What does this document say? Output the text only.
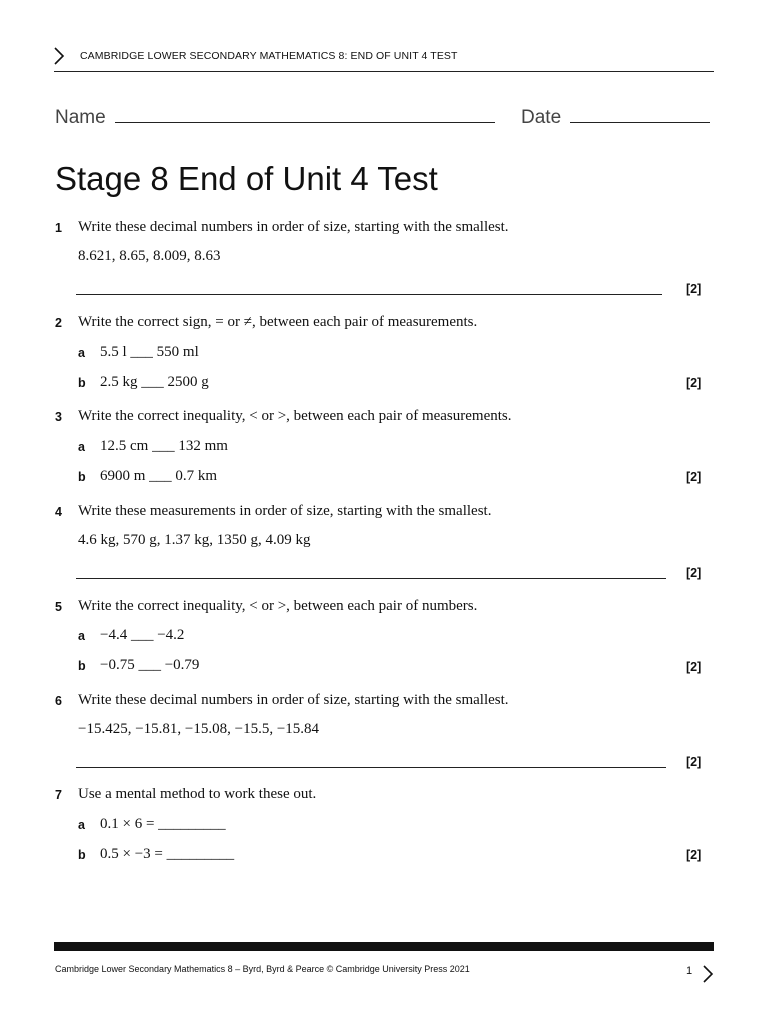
CAMBRIDGE LOWER SECONDARY MATHEMATICS 8: END OF UNIT 4 TEST
Name	Date
Stage 8 End of Unit 4 Test
1 Write these decimal numbers in order of size, starting with the smallest.
8.621, 8.65, 8.009, 8.63
[2]
2 Write the correct sign, = or ≠, between each pair of measurements.
a 5.5 l ___ 550 ml
b 2.5 kg ___ 2500 g	[2]
3 Write the correct inequality, < or >, between each pair of measurements.
a 12.5 cm ___ 132 mm
b 6900 m ___ 0.7 km	[2]
4 Write these measurements in order of size, starting with the smallest.
4.6 kg, 570 g, 1.37 kg, 1350 g, 4.09 kg
[2]
5 Write the correct inequality, < or >, between each pair of numbers.
a −4.4 ___ −4.2
b −0.75 ___ −0.79	[2]
6 Write these decimal numbers in order of size, starting with the smallest.
−15.425, −15.81, −15.08, −15.5, −15.84
[2]
7 Use a mental method to work these out.
a 0.1 × 6 = _________
b 0.5 × −3 = _________	[2]
Cambridge Lower Secondary Mathematics 8 – Byrd, Byrd & Pearce © Cambridge University Press 2021	1
